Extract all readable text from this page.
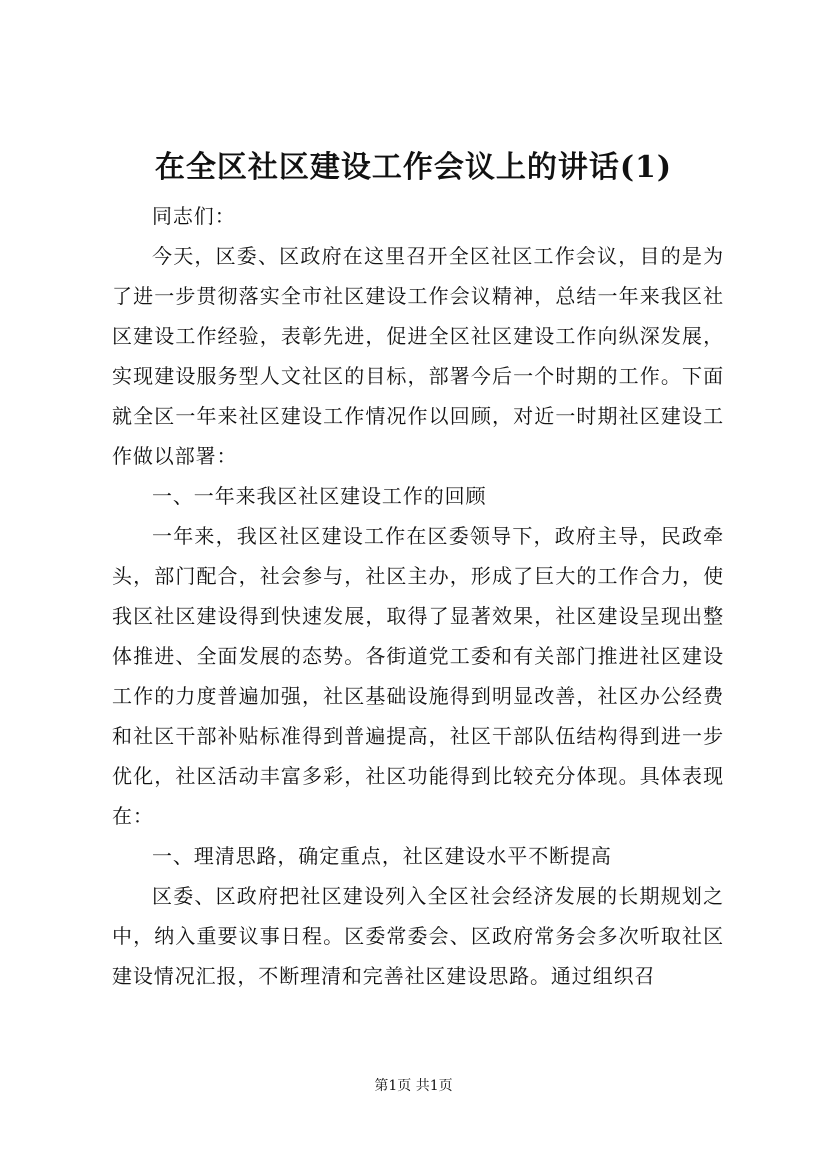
在全区社区建设工作会议上的讲话(1)

同志们：

今天，区委、区政府在这里召开全区社区工作会议，目的是为了进一步贯彻落实全市社区建设工作会议精神，总结一年来我区社区建设工作经验，表彰先进，促进全区社区建设工作向纵深发展，实现建设服务型人文社区的目标，部署今后一个时期的工作。下面就全区一年来社区建设工作情况作以回顾，对近一时期社区建设工作做以部署：

一、一年来我区社区建设工作的回顾

一年来，我区社区建设工作在区委领导下，政府主导，民政牵头，部门配合，社会参与，社区主办，形成了巨大的工作合力，使我区社区建设得到快速发展，取得了显著效果，社区建设呈现出整体推进、全面发展的态势。各街道党工委和有关部门推进社区建设工作的力度普遍加强，社区基础设施得到明显改善，社区办公经费和社区干部补贴标准得到普遍提高，社区干部队伍结构得到进一步优化，社区活动丰富多彩，社区功能得到比较充分体现。具体表现在：

一、理清思路，确定重点，社区建设水平不断提高

区委、区政府把社区建设列入全区社会经济发展的长期规划之中，纳入重要议事日程。区委常委会、区政府常务会多次听取社区建设情况汇报，不断理清和完善社区建设思路。通过组织召

第1页 共1页
